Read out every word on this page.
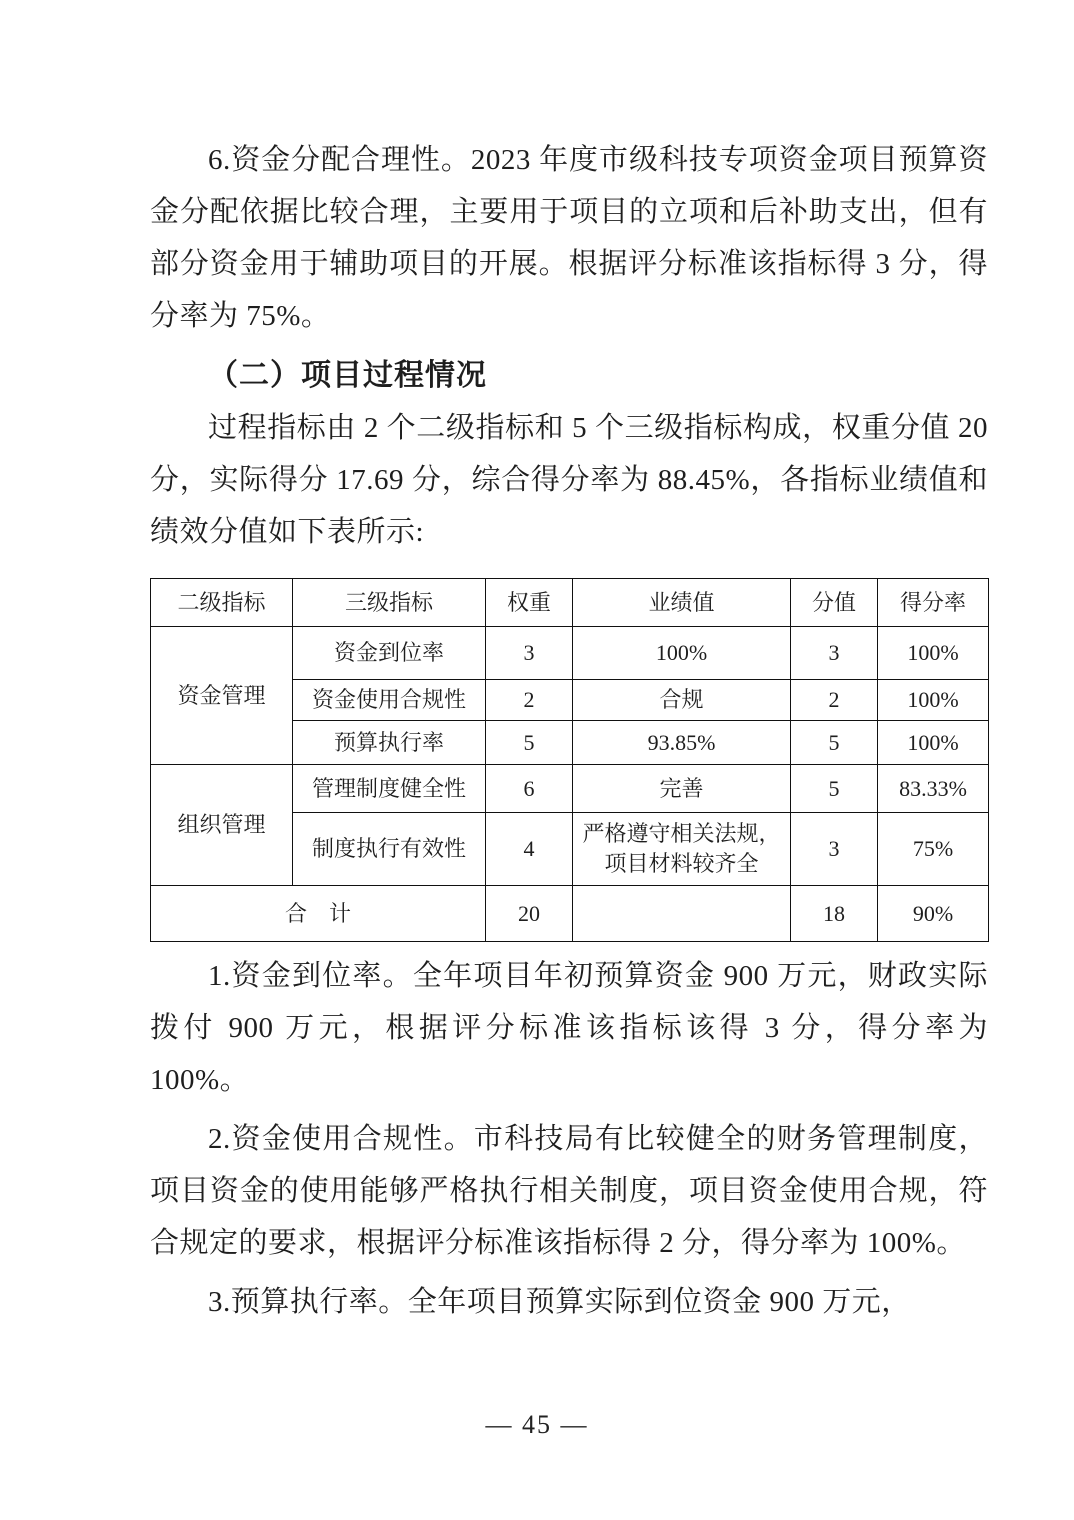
6.资金分配合理性。2023 年度市级科技专项资金项目预算资金分配依据比较合理，主要用于项目的立项和后补助支出，但有部分资金用于辅助项目的开展。根据评分标准该指标得 3 分，得分率为 75%。

（二）项目过程情况

过程指标由 2 个二级指标和 5 个三级指标构成，权重分值 20 分，实际得分 17.69 分，综合得分率为 88.45%，各指标业绩值和绩效分值如下表所示:

二级指标	三级指标	权重	业绩值	分值	得分率
资金管理	资金到位率	3	100%	3	100%
	资金使用合规性	2	合规	2	100%
	预算执行率	5	93.85%	5	100%
组织管理	管理制度健全性	6	完善	5	83.33%
	制度执行有效性	4	严格遵守相关法规，项目材料较齐全	3	75%
合　计		20		18	90%

1.资金到位率。全年项目年初预算资金 900 万元，财政实际拨付 900 万元，根据评分标准该指标该得 3 分，得分率为 100%。

2.资金使用合规性。市科技局有比较健全的财务管理制度，项目资金的使用能够严格执行相关制度，项目资金使用合规，符合规定的要求，根据评分标准该指标得 2 分，得分率为 100%。

3.预算执行率。全年项目预算实际到位资金 900 万元，

— 45 —
